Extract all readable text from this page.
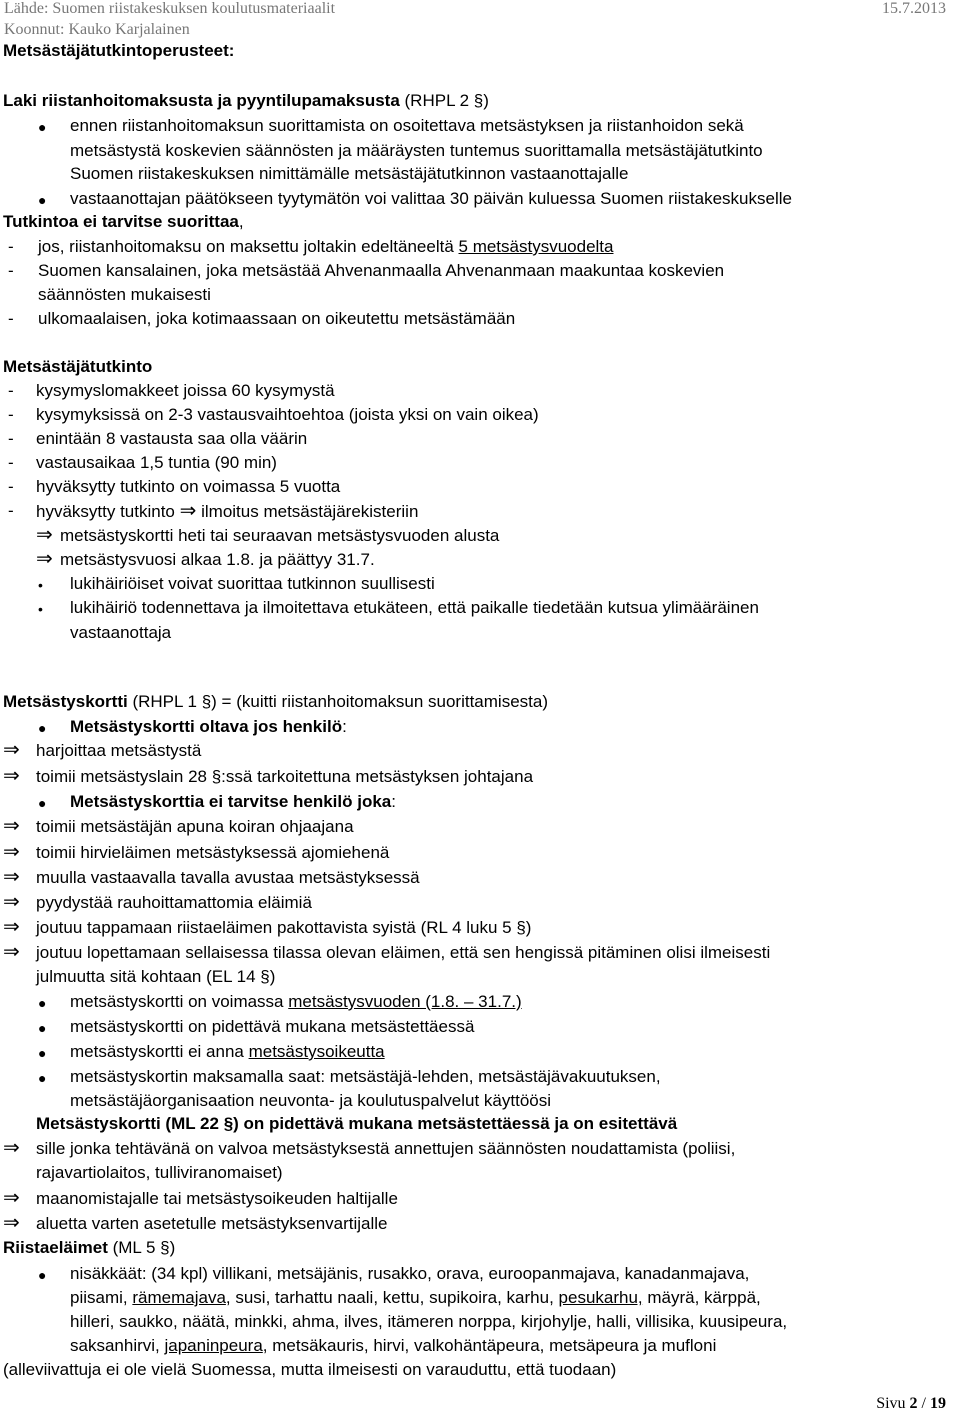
Lähde: Suomen riistakeskuksen koulutusmateriaalit
Koonnut: Kauko Karjalainen
15.7.2013
Metsästäjätutkintoperusteet:
Laki riistanhoitomaksusta ja pyyntilupamaksusta (RHPL 2 §)
● ennen riistanhoitomaksun suorittamista on osoitettava metsästyksen ja riistanhoidon sekä
metsästystä koskevien säännösten ja määräysten tuntemus suorittamalla metsästäjätutkinto
Suomen riistakeskuksen nimittämälle metsästäjätutkinnon vastaanottajalle
● vastaanottajan päätökseen tyytymätön voi valittaa 30 päivän kuluessa Suomen riistakeskukselle
Tutkintoa ei tarvitse suorittaa,
- jos, riistanhoitomaksu on maksettu joltakin edeltäneeltä 5 metsästysvuodelta
- Suomen kansalainen, joka metsästää Ahvenanmaalla Ahvenanmaan maakuntaa koskevien
säännösten mukaisesti
- ulkomaalaisen, joka kotimaassaan on oikeutettu metsästämään
Metsästäjätutkinto
- kysymyslomakkeet joissa 60 kysymystä
- kysymyksissä on 2-3 vastausvaihtoehtoa (joista yksi on vain oikea)
- enintään 8 vastausta saa olla väärin
- vastausaikaa 1,5 tuntia (90 min)
- hyväksytty tutkinto on voimassa 5 vuotta
- hyväksytty tutkinto ⇒ ilmoitus metsästäjärekisteriin
⇒ metsästyskortti heti tai seuraavan metsästysvuoden alusta
⇒ metsästysvuosi alkaa 1.8. ja päättyy 31.7.
• lukihäiriöiset voivat suorittaa tutkinnon suullisesti
• lukihäiriö todennettava ja ilmoitettava etukäteen, että paikalle tiedetään kutsua ylimääräinen
vastaanottaja
Metsästyskortti (RHPL 1 §) = (kuitti riistanhoitomaksun suorittamisesta)
● Metsästyskortti oltava jos henkilö:
⇒ harjoittaa metsästystä
⇒ toimii metsästyslain 28 §:ssä tarkoitettuna metsästyksen johtajana
● Metsästyskorttia ei tarvitse henkilö joka:
⇒ toimii metsästäjän apuna koiran ohjaajana
⇒ toimii hirvieläimen metsästyksessä ajomiehenä
⇒ muulla vastaavalla tavalla avustaa metsästyksessä
⇒ pyydystää rauhoittamattomia eläimiä
⇒ joutuu tappamaan riistaeläimen pakottavista syistä (RL 4 luku 5 §)
⇒ joutuu lopettamaan sellaisessa tilassa olevan eläimen, että sen hengissä pitäminen olisi ilmeisesti
julmuutta sitä kohtaan (EL 14 §)
● metsästyskortti on voimassa metsästysvuoden (1.8. – 31.7.)
● metsästyskortti on pidettävä mukana metsästettäessä
● metsästyskortti ei anna metsästysoikeutta
● metsästyskortin maksamalla saat: metsästäjä-lehden, metsästäjävakuutuksen,
metsästäjäorganisaation neuvonta- ja koulutuspalvelut käyttöösi
Metsästyskortti (ML 22 §) on pidettävä mukana metsästettäessä ja on esitettävä
⇒ sille jonka tehtävänä on valvoa metsästyksestä annettujen säännösten noudattamista (poliisi,
rajavartiolaitos, tulliviranomaiset)
⇒ maanomistajalle tai metsästysoikeuden haltijalle
⇒ aluetta varten asetetulle metsästyksenvartijalle
Riistaeläimet (ML 5 §)
● nisäkkäät: (34 kpl) villikani, metsäjänis, rusakko, orava, euroopanmajava, kanadanmajava,
piisami, rämemajava, susi, tarhattu naali, kettu, supikoira, karhu, pesukarhu, mäyrä, kärppä,
hilleri, saukko, näätä, minkki, ahma, ilves, itämeren norppa, kirjohylje, halli, villisika, kuusipeura,
saksanhirvi, japaninpeura, metsäkauris, hirvi, valkohäntäpeura, metsäpeura ja mufloni
(alleviivattuja ei ole vielä Suomessa, mutta ilmeisesti on varauduttu, että tuodaan)
Sivu 2 / 19
